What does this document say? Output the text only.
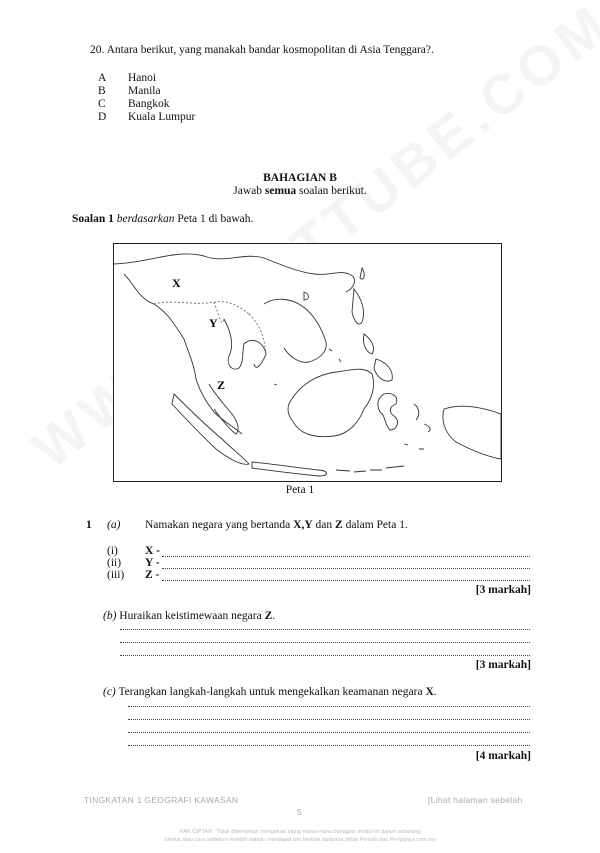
20. Antara berikut, yang manakah bandar kosmopolitan di Asia Tenggara?.
A Hanoi
B Manila
C Bangkok
D Kuala Lumpur
BAHAGIAN B
Jawab semua soalan berikut.
Soalan 1 berdasarkan Peta 1 di bawah.
X
Y
Z
Peta 1
1 (a) Namakan negara yang bertanda X,Y dan Z dalam Peta 1.
(i) X -
(ii) Y -
(iii) Z -
[3 markah]
(b) Huraikan keistimewaan negara Z.
[3 markah]
(c) Terangkan langkah-langkah untuk mengekalkan keamanan negara X.
[4 markah]
TINGKATAN 1 GEOGRAFI KAWASAN	[Lihat halaman sebelah
5
HAK CIPTA® : Tidak dibenarkan mengeluar ulang mana-mana bahagian modul ini dalam sebarang
bentuk atau cara sebelum terlebih dahulu mendapat izin bertulis daripada pihak Penulis dan Penganjur.com.my
